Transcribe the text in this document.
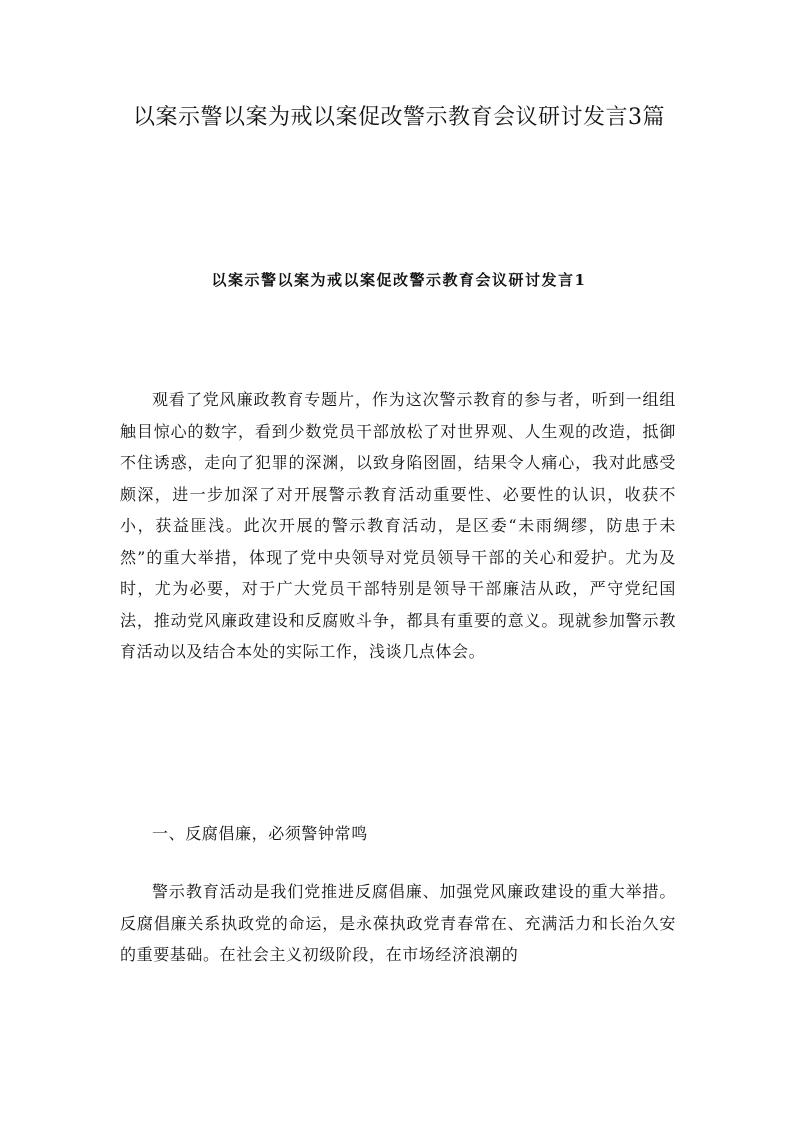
以案示警以案为戒以案促改警示教育会议研讨发言3篇
以案示警以案为戒以案促改警示教育会议研讨发言1
观看了党风廉政教育专题片，作为这次警示教育的参与者，听到一组组触目惊心的数字，看到少数党员干部放松了对世界观、人生观的改造，抵御不住诱惑，走向了犯罪的深渊，以致身陷囹圄，结果令人痛心，我对此感受颇深，进一步加深了对开展警示教育活动重要性、必要性的认识，收获不小，获益匪浅。此次开展的警示教育活动，是区委“未雨绸缪，防患于未然”的重大举措，体现了党中央领导对党员领导干部的关心和爱护。尤为及时，尤为必要，对于广大党员干部特别是领导干部廉洁从政，严守党纪国法，推动党风廉政建设和反腐败斗争，都具有重要的意义。现就参加警示教育活动以及结合本处的实际工作，浅谈几点体会。
一、反腐倡廉，必须警钟常鸣
警示教育活动是我们党推进反腐倡廉、加强党风廉政建设的重大举措。反腐倡廉关系执政党的命运，是永葆执政党青春常在、充满活力和长治久安的重要基础。在社会主义初级阶段，在市场经济浪潮的
